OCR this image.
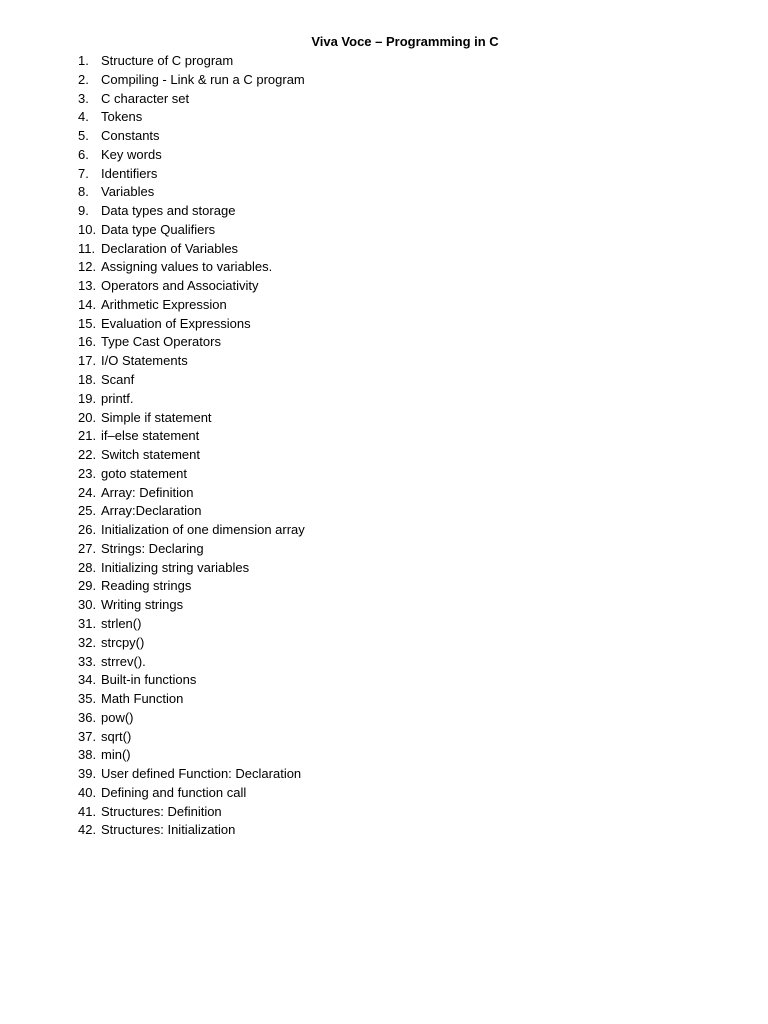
Viva Voce – Programming in C
1. Structure of C program
2. Compiling - Link & run a C program
3. C character set
4. Tokens
5. Constants
6. Key words
7. Identifiers
8. Variables
9. Data types and storage
10. Data type Qualifiers
11. Declaration of Variables
12. Assigning values to variables.
13. Operators and Associativity
14. Arithmetic Expression
15. Evaluation of Expressions
16. Type Cast Operators
17. I/O Statements
18. Scanf
19. printf.
20. Simple if statement
21. if–else statement
22. Switch statement
23. goto statement
24. Array: Definition
25. Array:Declaration
26. Initialization of one dimension array
27. Strings: Declaring
28. Initializing string variables
29. Reading strings
30. Writing strings
31. strlen()
32. strcpy()
33. strrev().
34. Built-in functions
35. Math Function
36. pow()
37. sqrt()
38. min()
39. User defined Function: Declaration
40. Defining and function call
41. Structures: Definition
42. Structures: Initialization
